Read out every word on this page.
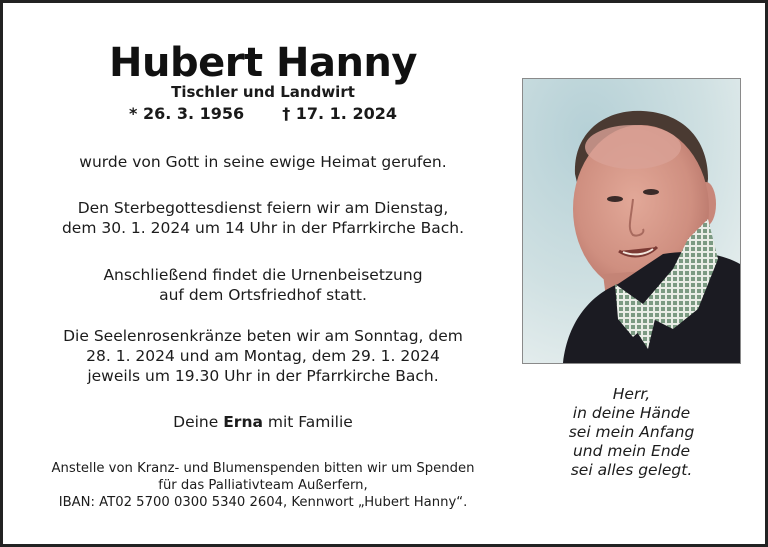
Hubert Hanny
Tischler und Landwirt
* 26. 3. 1956 † 17. 1. 2024
wurde von Gott in seine ewige Heimat gerufen.
Den Sterbegottesdienst feiern wir am Dienstag,
dem 30. 1. 2024 um 14 Uhr in der Pfarrkirche Bach.
Anschließend findet die Urnenbeisetzung
auf dem Ortsfriedhof statt.
Die Seelenrosenkränze beten wir am Sonntag, dem
28. 1. 2024 und am Montag, dem 29. 1. 2024
jeweils um 19.30 Uhr in der Pfarrkirche Bach.
Deine Erna mit Familie
Anstelle von Kranz- und Blumenspenden bitten wir um Spenden
für das Palliativteam Außerfern,
IBAN: AT02 5700 0300 5340 2604, Kennwort „Hubert Hanny“.
Herr,
in deine Hände
sei mein Anfang
und mein Ende
sei alles gelegt.
